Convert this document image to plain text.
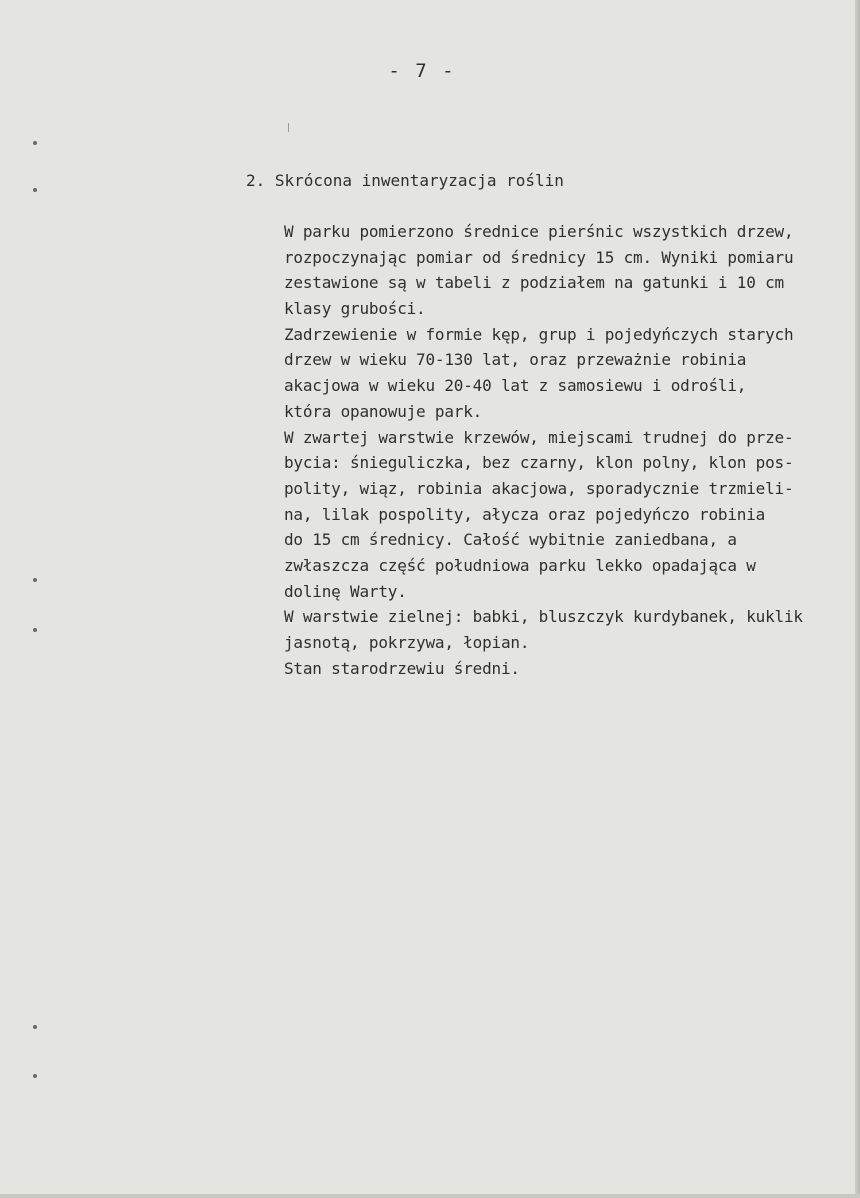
- 7 -
2. Skrócona inwentaryzacja roślin
W parku pomierzono średnice pierśnic wszystkich drzew,
rozpoczynając pomiar od średnicy 15 cm. Wyniki pomiaru
zestawione są w tabeli z podziałem na gatunki i 10 cm
klasy grubości.
Zadrzewienie w formie kęp, grup i pojedyńczych starych
drzew w wieku 70-130 lat, oraz przeważnie robinia
akacjowa w wieku 20-40 lat z samosiewu i odrośli,
która opanowuje park.
W zwartej warstwie krzewów, miejscami trudnej do prze-
bycia: śnieguliczka, bez czarny, klon polny, klon pos-
polity, wiąz, robinia akacjowa, sporadycznie trzmieli-
na, lilak pospolity, ałycza oraz pojedyńczo robinia
do 15 cm średnicy. Całość wybitnie zaniedbana, a
zwłaszcza część południowa parku lekko opadająca w
dolinę Warty.
W warstwie zielnej: babki, bluszczyk kurdybanek, kuklik
jasnotą, pokrzywa, łopian.
Stan starodrzewiu średni.
